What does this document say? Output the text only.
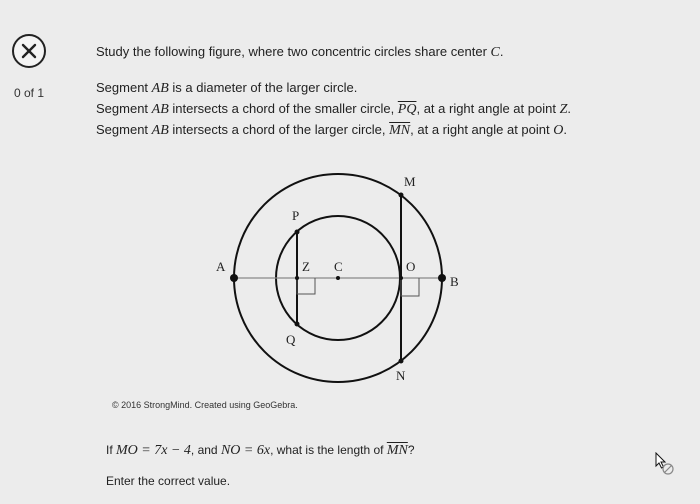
0 of 1

Study the following figure, where two concentric circles share center C.

Segment AB is a diameter of the larger circle.

Segment AB intersects a chord of the smaller circle, $\overline{PQ}$, at a right angle at point Z.

Segment AB intersects a chord of the larger circle, $\overline{MN}$, at a right angle at point O.

M
P
A	Z C	O
B
Q
N
© 2016 StrongMind. Created using GeoGebra.
If MO = 7x − 4, and NO = 6x, what is the length of $\overline{MN}$?
Enter the correct value.
